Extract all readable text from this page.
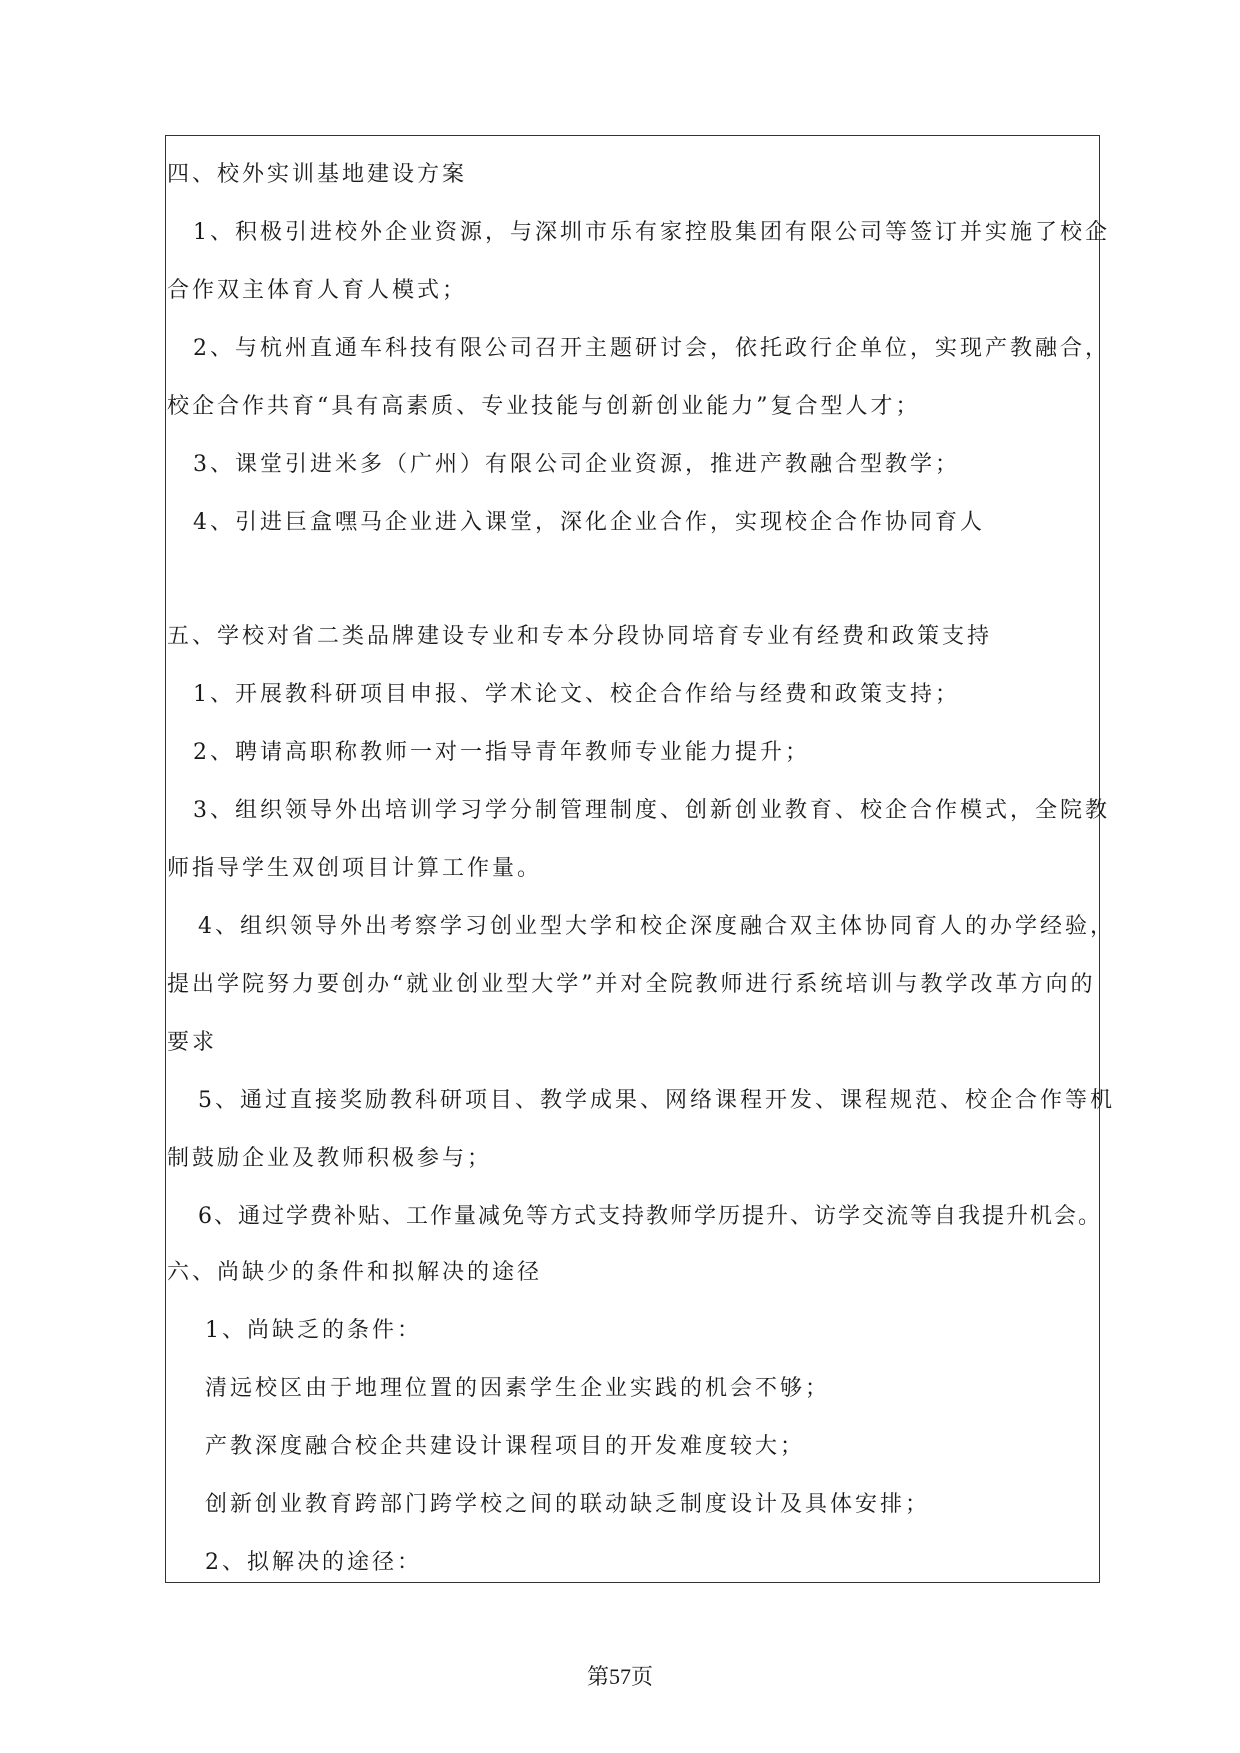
四、校外实训基地建设方案
1、积极引进校外企业资源，与深圳市乐有家控股集团有限公司等签订并实施了校企
合作双主体育人育人模式；
2、与杭州直通车科技有限公司召开主题研讨会，依托政行企单位，实现产教融合，
校企合作共育“具有高素质、专业技能与创新创业能力”复合型人才；
3、课堂引进米多（广州）有限公司企业资源，推进产教融合型教学；
4、引进巨盒嘿马企业进入课堂，深化企业合作，实现校企合作协同育人
五、学校对省二类品牌建设专业和专本分段协同培育专业有经费和政策支持
1、开展教科研项目申报、学术论文、校企合作给与经费和政策支持；
2、聘请高职称教师一对一指导青年教师专业能力提升；
3、组织领导外出培训学习学分制管理制度、创新创业教育、校企合作模式，全院教
师指导学生双创项目计算工作量。
4、组织领导外出考察学习创业型大学和校企深度融合双主体协同育人的办学经验，
提出学院努力要创办“就业创业型大学”并对全院教师进行系统培训与教学改革方向的
要求
5、通过直接奖励教科研项目、教学成果、网络课程开发、课程规范、校企合作等机
制鼓励企业及教师积极参与；
6、通过学费补贴、工作量减免等方式支持教师学历提升、访学交流等自我提升机会。
六、尚缺少的条件和拟解决的途径
1、尚缺乏的条件：
清远校区由于地理位置的因素学生企业实践的机会不够；
产教深度融合校企共建设计课程项目的开发难度较大；
创新创业教育跨部门跨学校之间的联动缺乏制度设计及具体安排；
2、拟解决的途径：
第57页
